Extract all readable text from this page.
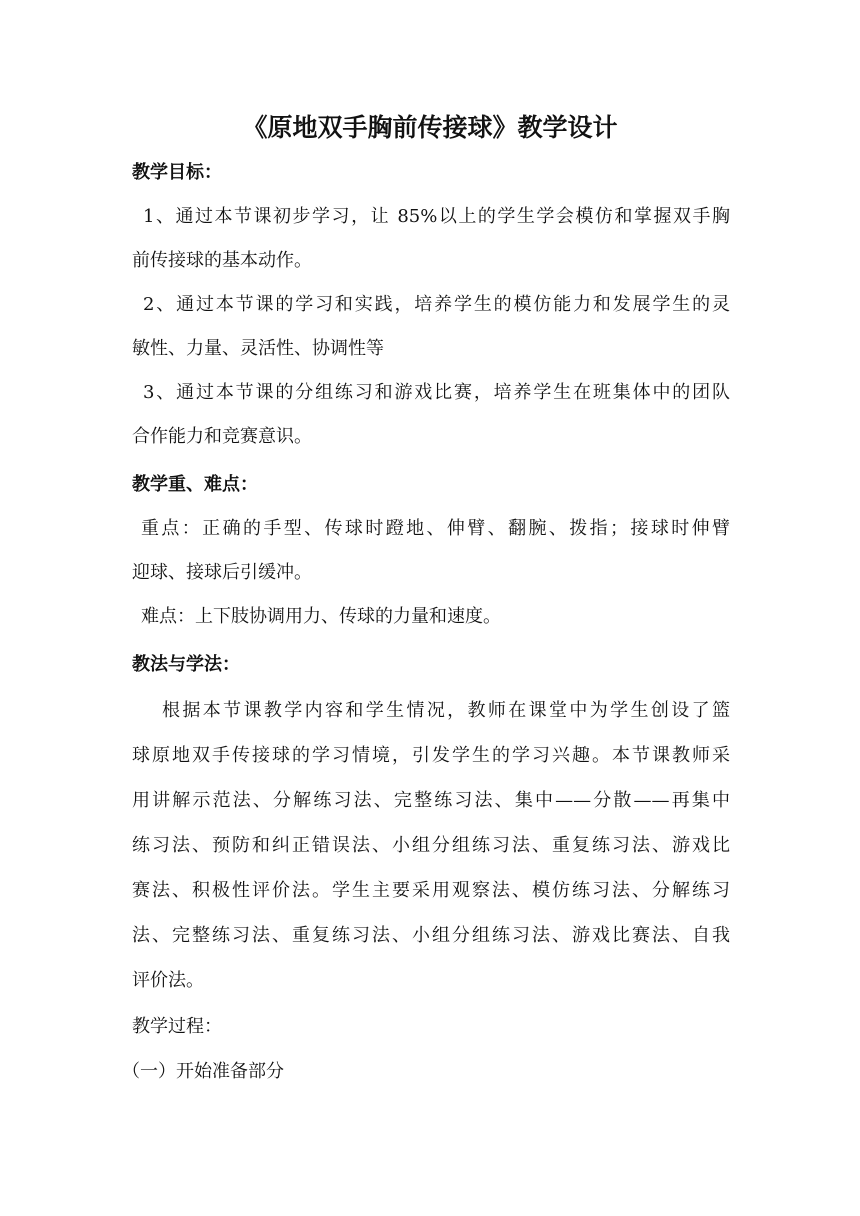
《原地双手胸前传接球》教学设计
教学目标：
1、通过本节课初步学习，让 85%以上的学生学会模仿和掌握双手胸
前传接球的基本动作。
2、通过本节课的学习和实践，培养学生的模仿能力和发展学生的灵
敏性、力量、灵活性、协调性等
3、通过本节课的分组练习和游戏比赛，培养学生在班集体中的团队
合作能力和竞赛意识。
教学重、难点：
重点：正确的手型、传球时蹬地、伸臂、翻腕、拨指；接球时伸臂
迎球、接球后引缓冲。
难点：上下肢协调用力、传球的力量和速度。
教法与学法：
根据本节课教学内容和学生情况，教师在课堂中为学生创设了篮
球原地双手传接球的学习情境，引发学生的学习兴趣。本节课教师采
用讲解示范法、分解练习法、完整练习法、集中——分散——再集中
练习法、预防和纠正错误法、小组分组练习法、重复练习法、游戏比
赛法、积极性评价法。学生主要采用观察法、模仿练习法、分解练习
法、完整练习法、重复练习法、小组分组练习法、游戏比赛法、自我
评价法。
教学过程：
（一）开始准备部分
